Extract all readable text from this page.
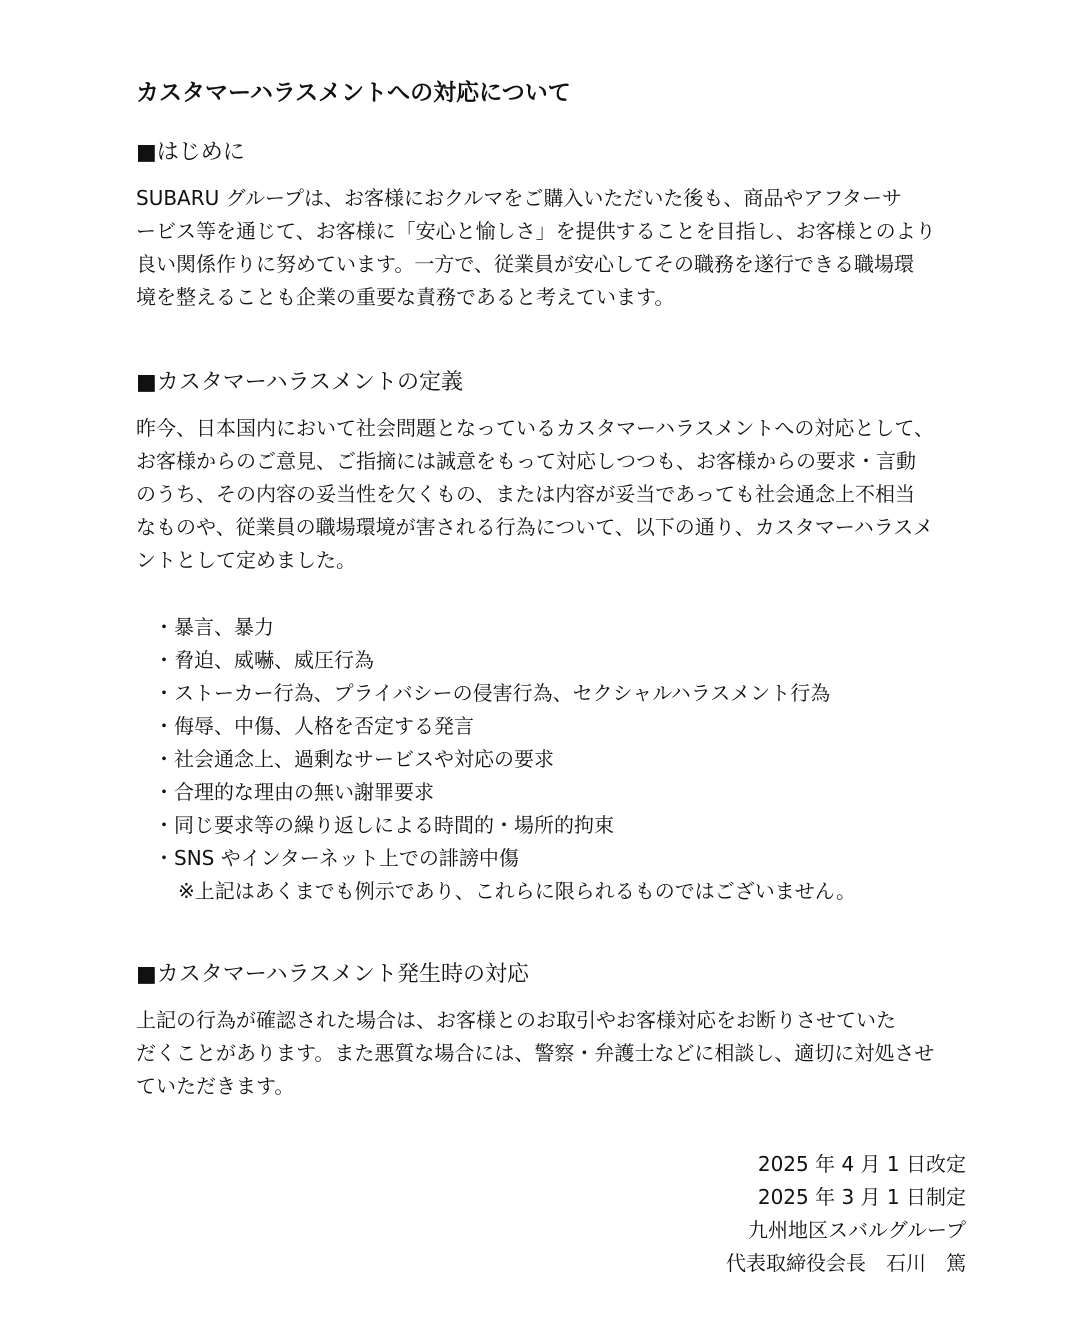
カスタマーハラスメントへの対応について
■はじめに

SUBARU グループは、お客様におクルマをご購入いただいた後も、商品やアフターサ
ービス等を通じて、お客様に「安心と愉しさ」を提供することを目指し、お客様とのより
良い関係作りに努めています。一方で、従業員が安心してその職務を遂行できる職場環
境を整えることも企業の重要な責務であると考えています。

■カスタマーハラスメントの定義

昨今、日本国内において社会問題となっているカスタマーハラスメントへの対応として、
お客様からのご意見、ご指摘には誠意をもって対応しつつも、お客様からの要求・言動
のうち、その内容の妥当性を欠くもの、または内容が妥当であっても社会通念上不相当
なものや、従業員の職場環境が害される行為について、以下の通り、カスタマーハラスメ
ントとして定めました。

・暴言、暴力
・脅迫、威嚇、威圧行為
・ストーカー行為、プライバシーの侵害行為、セクシャルハラスメント行為
・侮辱、中傷、人格を否定する発言
・社会通念上、過剰なサービスや対応の要求
・合理的な理由の無い謝罪要求
・同じ要求等の繰り返しによる時間的・場所的拘束
・SNS やインターネット上での誹謗中傷

※上記はあくまでも例示であり、これらに限られるものではございません。

■カスタマーハラスメント発生時の対応

上記の行為が確認された場合は、お客様とのお取引やお客様対応をお断りさせていた
だくことがあります。また悪質な場合には、警察・弁護士などに相談し、適切に対処させ
ていただきます。

2025 年 4 月 1 日改定
2025 年 3 月 1 日制定
九州地区スバルグループ
代表取締役会長　石川　篤
